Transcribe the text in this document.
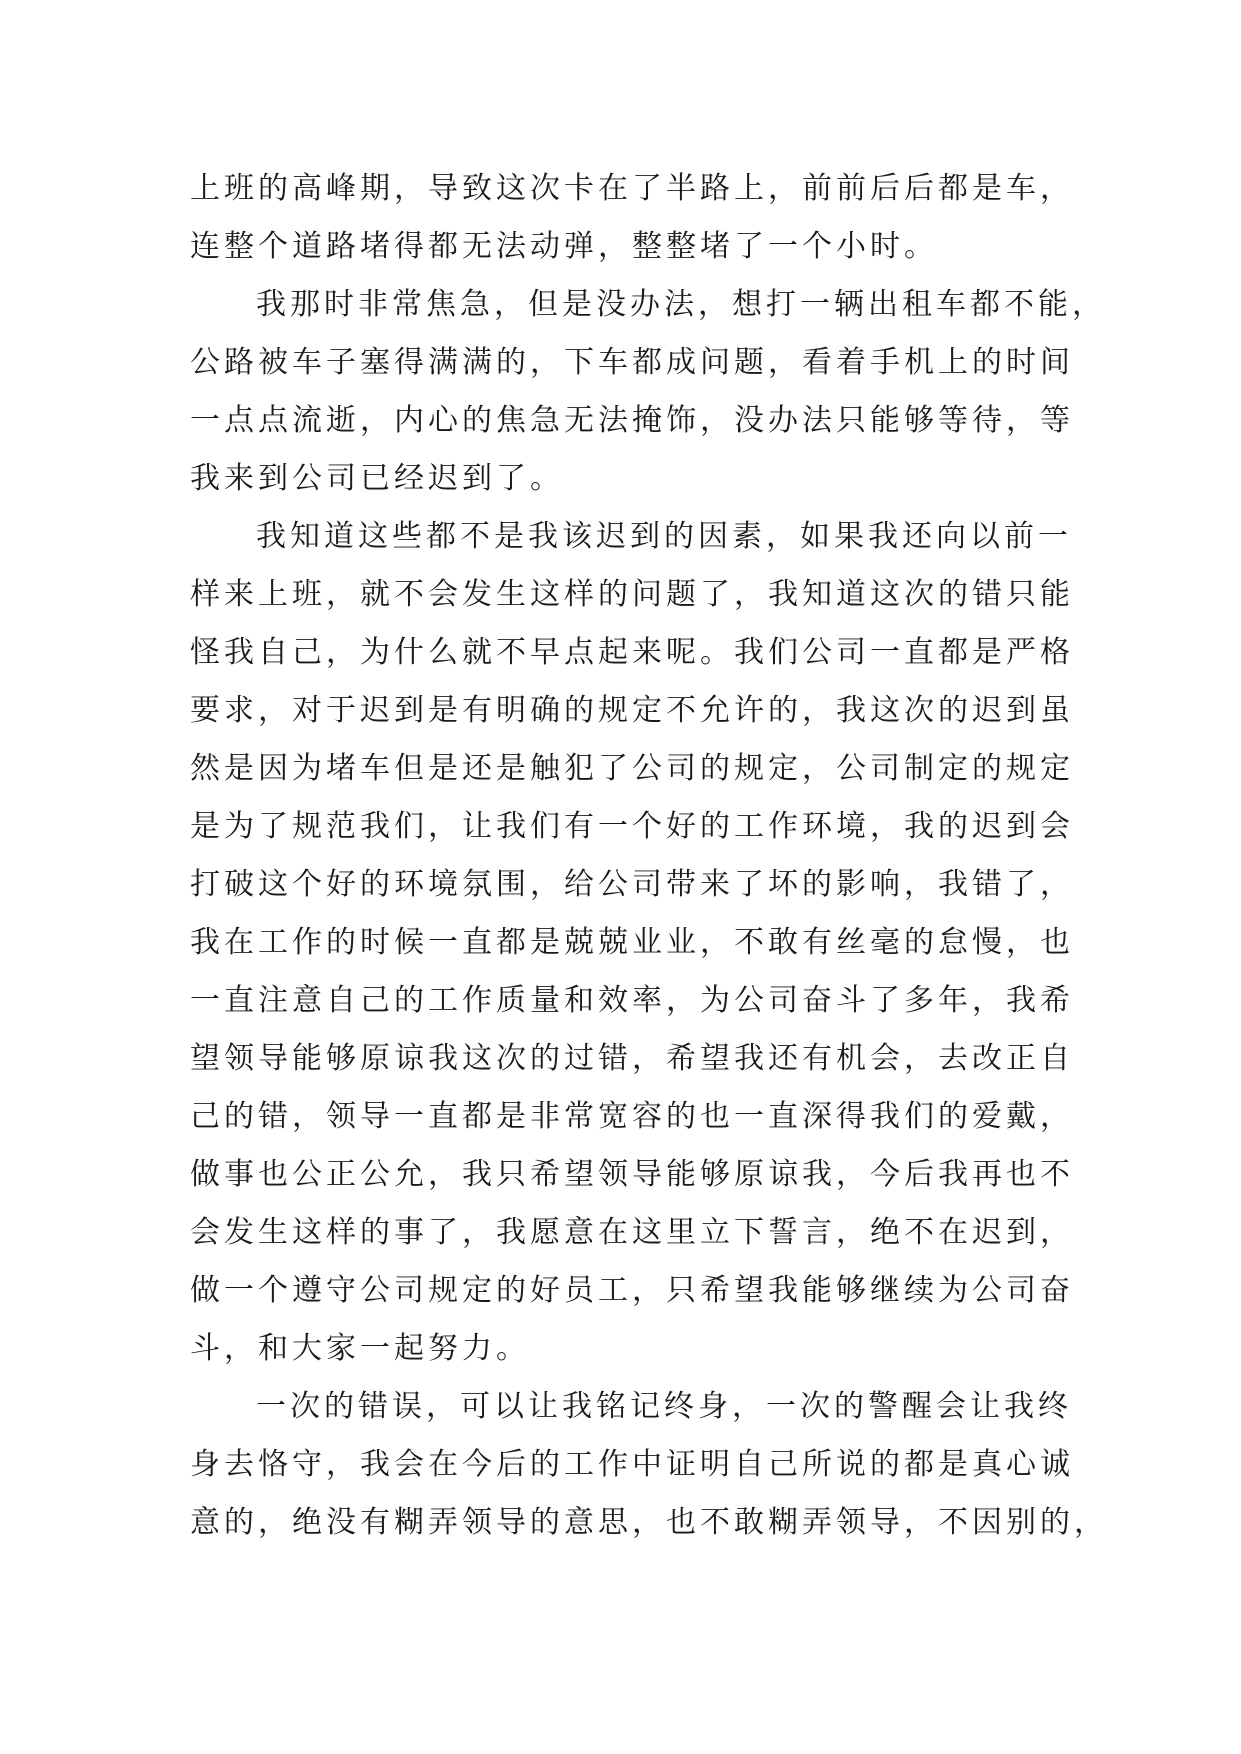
上班的高峰期，导致这次卡在了半路上，前前后后都是车，
连整个道路堵得都无法动弹，整整堵了一个小时。
我那时非常焦急，但是没办法，想打一辆出租车都不能，
公路被车子塞得满满的，下车都成问题，看着手机上的时间
一点点流逝，内心的焦急无法掩饰，没办法只能够等待，等
我来到公司已经迟到了。
我知道这些都不是我该迟到的因素，如果我还向以前一
样来上班，就不会发生这样的问题了，我知道这次的错只能
怪我自己，为什么就不早点起来呢。我们公司一直都是严格
要求，对于迟到是有明确的规定不允许的，我这次的迟到虽
然是因为堵车但是还是触犯了公司的规定，公司制定的规定
是为了规范我们，让我们有一个好的工作环境，我的迟到会
打破这个好的环境氛围，给公司带来了坏的影响，我错了，
我在工作的时候一直都是兢兢业业，不敢有丝毫的怠慢，也
一直注意自己的工作质量和效率，为公司奋斗了多年，我希
望领导能够原谅我这次的过错，希望我还有机会，去改正自
己的错，领导一直都是非常宽容的也一直深得我们的爱戴，
做事也公正公允，我只希望领导能够原谅我，今后我再也不
会发生这样的事了，我愿意在这里立下誓言，绝不在迟到，
做一个遵守公司规定的好员工，只希望我能够继续为公司奋
斗，和大家一起努力。
一次的错误，可以让我铭记终身，一次的警醒会让我终
身去恪守，我会在今后的工作中证明自己所说的都是真心诚
意的，绝没有糊弄领导的意思，也不敢糊弄领导，不因别的，
